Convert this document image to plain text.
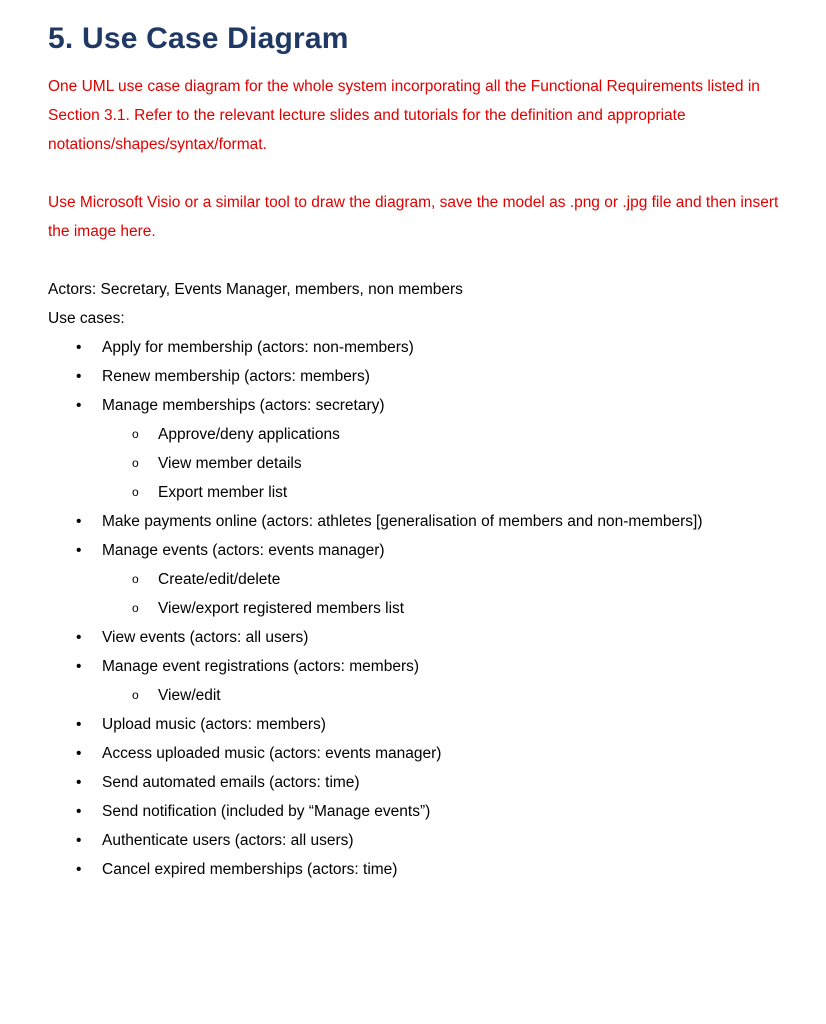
5. Use Case Diagram

One UML use case diagram for the whole system incorporating all the Functional Requirements listed in Section 3.1. Refer to the relevant lecture slides and tutorials for the definition and appropriate notations/shapes/syntax/format.

Use Microsoft Visio or a similar tool to draw the diagram, save the model as .png or .jpg file and then insert the image here.

Actors: Secretary, Events Manager, members, non members

Use cases:

•	Apply for membership (actors: non-members)
•	Renew membership (actors: members)
•	Manage memberships (actors: secretary)
o	Approve/deny applications
o	View member details
o	Export member list
•	Make payments online (actors: athletes [generalisation of members and non-members])
•	Manage events (actors: events manager)
o	Create/edit/delete
o	View/export registered members list
•	View events (actors: all users)
•	Manage event registrations (actors: members)
o	View/edit
•	Upload music (actors: members)
•	Access uploaded music (actors: events manager)
•	Send automated emails (actors: time)
•	Send notification (included by “Manage events”)
•	Authenticate users (actors: all users)
•	Cancel expired memberships (actors: time)
